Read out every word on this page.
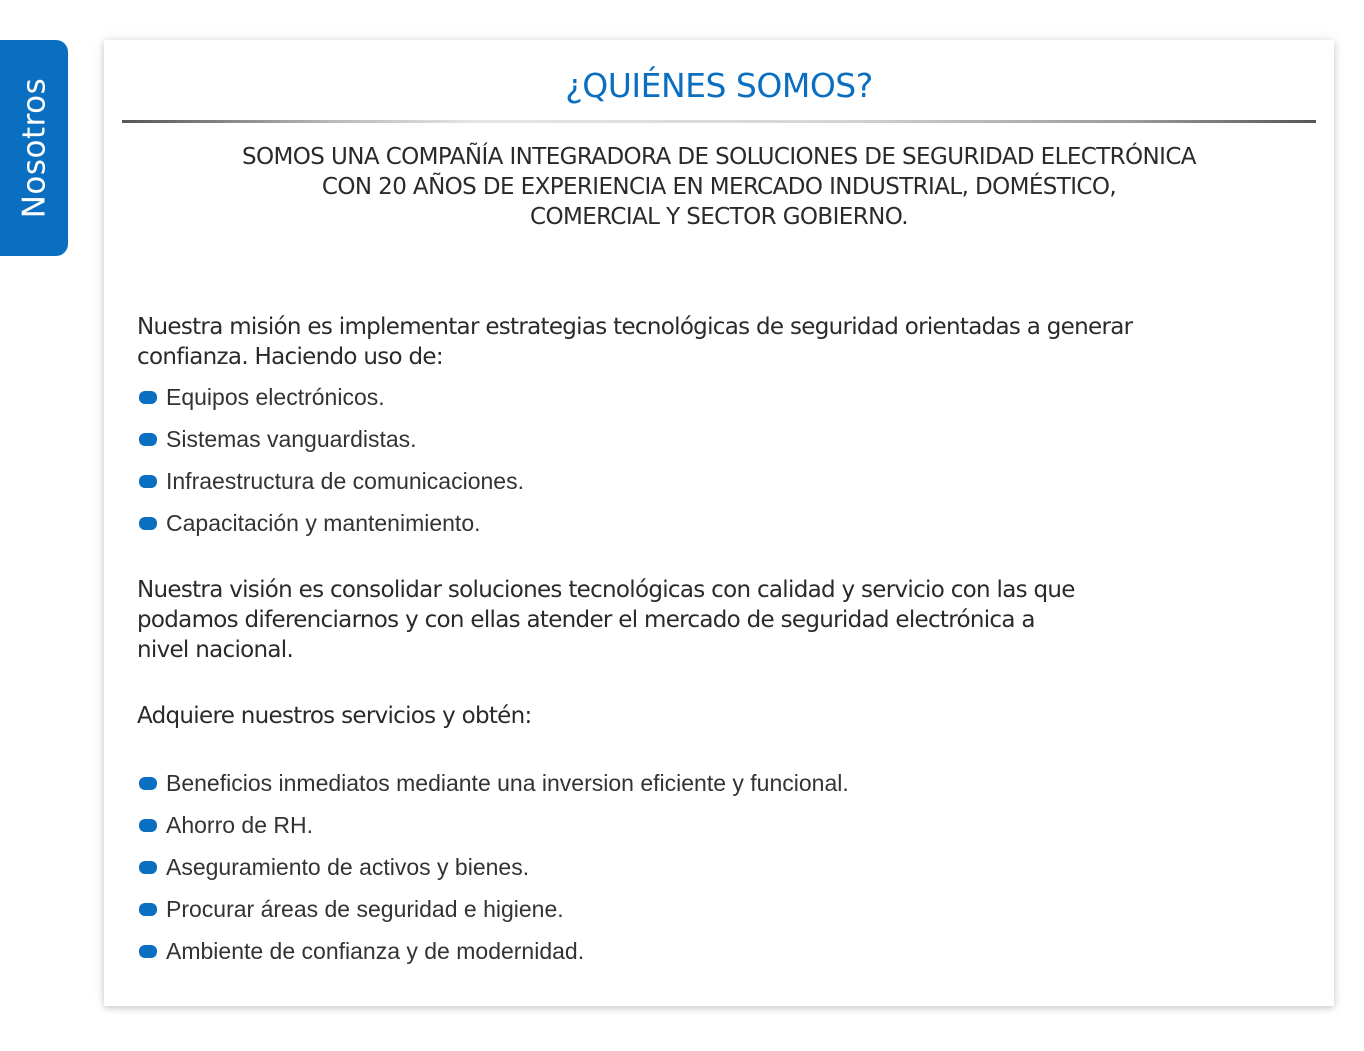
Nosotros	¿QUIÉNES SOMOS?
SOMOS UNA COMPAÑÍA INTEGRADORA DE SOLUCIONES DE SEGURIDAD ELECTRÓNICA
CON 20 AÑOS DE EXPERIENCIA EN MERCADO INDUSTRIAL, DOMÉSTICO,
COMERCIAL Y SECTOR GOBIERNO.
Nuestra misión es implementar estrategias tecnológicas de seguridad orientadas a generar
confianza. Haciendo uso de:
Equipos electrónicos.
Sistemas vanguardistas.
Infraestructura de comunicaciones.
Capacitación y mantenimiento.
Nuestra visión es consolidar soluciones tecnológicas con calidad y servicio con las que
podamos diferenciarnos y con ellas atender el mercado de seguridad electrónica a
nivel nacional.
Adquiere nuestros servicios y obtén:
Beneficios inmediatos mediante una inversion eficiente y funcional.
Ahorro de RH.
Aseguramiento de activos y bienes.
Procurar áreas de seguridad e higiene.
Ambiente de confianza y de modernidad.
